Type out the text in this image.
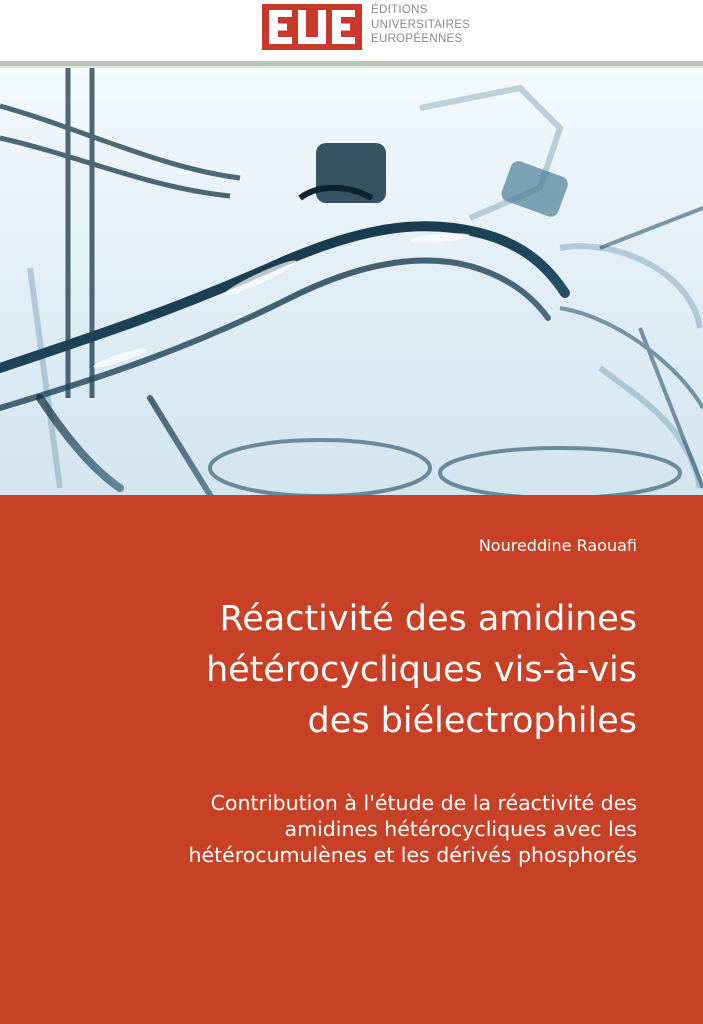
ÉDITIONS
UNIVERSITAIRES
EUROPÉENNES
Noureddine Raouafi
Réactivité des amidines
hétérocycliques vis-à-vis
des biélectrophiles
Contribution à l'étude de la réactivité des
amidines hétérocycliques avec les
hétérocumulènes et les dérivés phosphorés
